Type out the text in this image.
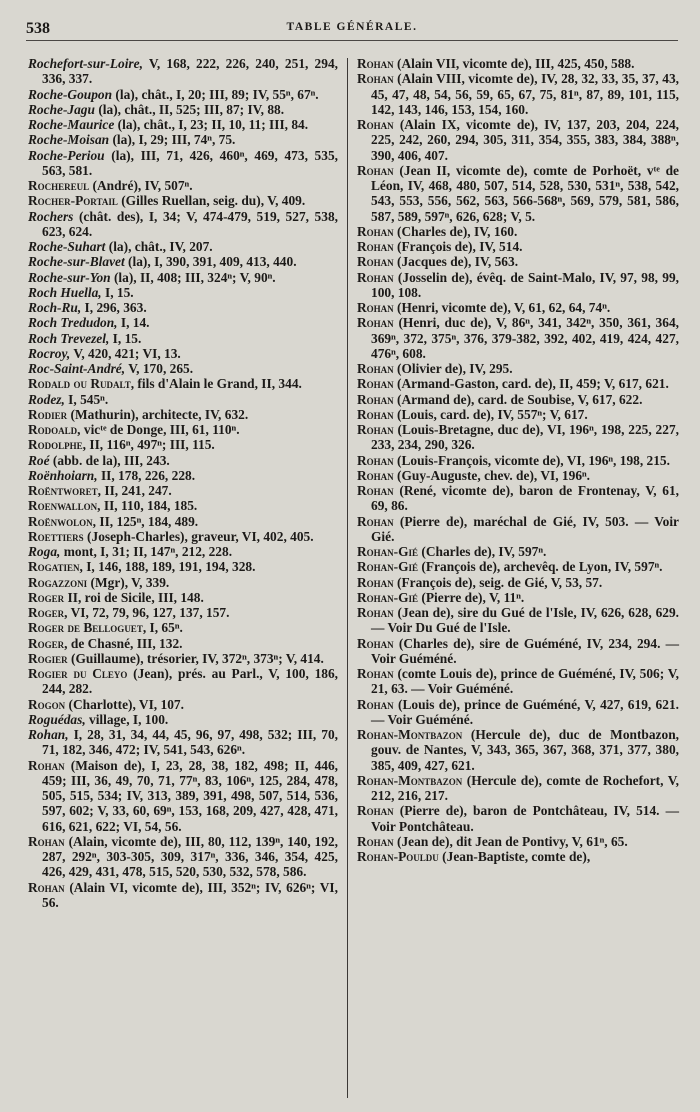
538	TABLE GÉNÉRALE.

Rochefort-sur-Loire, V, 168, 222, 226, 240, 251, 294, 336, 337.

Roche-Goupon (la), chât., I, 20; III, 89; IV, 55ⁿ, 67ⁿ.

Roche-Jagu (la), chât., II, 525; III, 87; IV, 88.

Roche-Maurice (la), chât., I, 23; II, 10, 11; III, 84.

Roche-Moisan (la), I, 29; III, 74ⁿ, 75.

Roche-Periou (la), III, 71, 426, 460ⁿ, 469, 473, 535, 563, 581.

Rochereul (André), IV, 507ⁿ.

Rocher-Portail (Gilles Ruellan, seig. du), V, 409.

Rochers (chât. des), I, 34; V, 474-479, 519, 527, 538, 623, 624.

Roche-Suhart (la), chât., IV, 207.

Roche-sur-Blavet (la), I, 390, 391, 409, 413, 440.

Roche-sur-Yon (la), II, 408; III, 324ⁿ; V, 90ⁿ.

Roch Huella, I, 15.

Roch-Ru, I, 296, 363.

Roch Tredudon, I, 14.

Roch Trevezel, I, 15.

Rocroy, V, 420, 421; VI, 13.

Roc-Saint-André, V, 170, 265.

Rodald ou Rudalt, fils d'Alain le Grand, II, 344.

Rodez, I, 545ⁿ.

Rodier (Mathurin), architecte, IV, 632.

Rodoald, vicᵗᵉ de Donge, III, 61, 110ⁿ.

Rodolphe, II, 116ⁿ, 497ⁿ; III, 115.

Roé (abb. de la), III, 243.

Roënhoiarn, II, 178, 226, 228.

Roëntworet, II, 241, 247.

Roenwallon, II, 110, 184, 185.

Roënwolon, II, 125ⁿ, 184, 489.

Roettiers (Joseph-Charles), graveur, VI, 402, 405.

Roga, mont, I, 31; II, 147ⁿ, 212, 228.

Rogatien, I, 146, 188, 189, 191, 194, 328.

Rogazzoni (Mgr), V, 339.

Roger II, roi de Sicile, III, 148.

Roger, VI, 72, 79, 96, 127, 137, 157.

Roger de Belloguet, I, 65ⁿ.

Roger, de Chasné, III, 132.

Rogier (Guillaume), trésorier, IV, 372ⁿ, 373ⁿ; V, 414.

Rogier du Cleyo (Jean), prés. au Parl., V, 100, 186, 244, 282.

Rogon (Charlotte), VI, 107.

Roguédas, village, I, 100.

Rohan, I, 28, 31, 34, 44, 45, 96, 97, 498, 532; III, 70, 71, 182, 346, 472; IV, 541, 543, 626ⁿ.

Rohan (Maison de), I, 23, 28, 38, 182, 498; II, 446, 459; III, 36, 49, 70, 71, 77ⁿ, 83, 106ⁿ, 125, 284, 478, 505, 515, 534; IV, 313, 389, 391, 498, 507, 514, 536, 597, 602; V, 33, 60, 69ⁿ, 153, 168, 209, 427, 428, 471, 616, 621, 622; VI, 54, 56.

Rohan (Alain, vicomte de), III, 80, 112, 139ⁿ, 140, 192, 287, 292ⁿ, 303-305, 309, 317ⁿ, 336, 346, 354, 425, 426, 429, 431, 478, 515, 520, 530, 532, 578, 586.

Rohan (Alain VI, vicomte de), III, 352ⁿ; IV, 626ⁿ; VI, 56.

Rohan (Alain VII, vicomte de), III, 425, 450, 588.

Rohan (Alain VIII, vicomte de), IV, 28, 32, 33, 35, 37, 43, 45, 47, 48, 54, 56, 59, 65, 67, 75, 81ⁿ, 87, 89, 101, 115, 142, 143, 146, 153, 154, 160.

Rohan (Alain IX, vicomte de), IV, 137, 203, 204, 224, 225, 242, 260, 294, 305, 311, 354, 355, 383, 384, 388ⁿ, 390, 406, 407.

Rohan (Jean II, vicomte de), comte de Porhoët, vᵗᵉ de Léon, IV, 468, 480, 507, 514, 528, 530, 531ⁿ, 538, 542, 543, 553, 556, 562, 563, 566-568ⁿ, 569, 579, 581, 586, 587, 589, 597ⁿ, 626, 628; V, 5.

Rohan (Charles de), IV, 160.

Rohan (François de), IV, 514.

Rohan (Jacques de), IV, 563.

Rohan (Josselin de), évêq. de Saint-Malo, IV, 97, 98, 99, 100, 108.

Rohan (Henri, vicomte de), V, 61, 62, 64, 74ⁿ.

Rohan (Henri, duc de), V, 86ⁿ, 341, 342ⁿ, 350, 361, 364, 369ⁿ, 372, 375ⁿ, 376, 379-382, 392, 402, 419, 424, 427, 476ⁿ, 608.

Rohan (Olivier de), IV, 295.

Rohan (Armand-Gaston, card. de), II, 459; V, 617, 621.

Rohan (Armand de), card. de Soubise, V, 617, 622.

Rohan (Louis, card. de), IV, 557ⁿ; V, 617.

Rohan (Louis-Bretagne, duc de), VI, 196ⁿ, 198, 225, 227, 233, 234, 290, 326.

Rohan (Louis-François, vicomte de), VI, 196ⁿ, 198, 215.

Rohan (Guy-Auguste, chev. de), VI, 196ⁿ.

Rohan (René, vicomte de), baron de Frontenay, V, 61, 69, 86.

Rohan (Pierre de), maréchal de Gié, IV, 503. — Voir Gié.

Rohan-Gié (Charles de), IV, 597ⁿ.

Rohan-Gié (François de), archevêq. de Lyon, IV, 597ⁿ.

Rohan (François de), seig. de Gié, V, 53, 57.

Rohan-Gié (Pierre de), V, 11ⁿ.

Rohan (Jean de), sire du Gué de l'Isle, IV, 626, 628, 629. — Voir Du Gué de l'Isle.

Rohan (Charles de), sire de Guéméné, IV, 234, 294. — Voir Guéméné.

Rohan (comte Louis de), prince de Guéméné, IV, 506; V, 21, 63. — Voir Guéméné.

Rohan (Louis de), prince de Guéméné, V, 427, 619, 621. — Voir Guéméné.

Rohan-Montbazon (Hercule de), duc de Montbazon, gouv. de Nantes, V, 343, 365, 367, 368, 371, 377, 380, 385, 409, 427, 621.

Rohan-Montbazon (Hercule de), comte de Rochefort, V, 212, 216, 217.

Rohan (Pierre de), baron de Pontchâteau, IV, 514. — Voir Pontchâteau.

Rohan (Jean de), dit Jean de Pontivy, V, 61ⁿ, 65.

Rohan-Pouldu (Jean-Baptiste, comte de),
